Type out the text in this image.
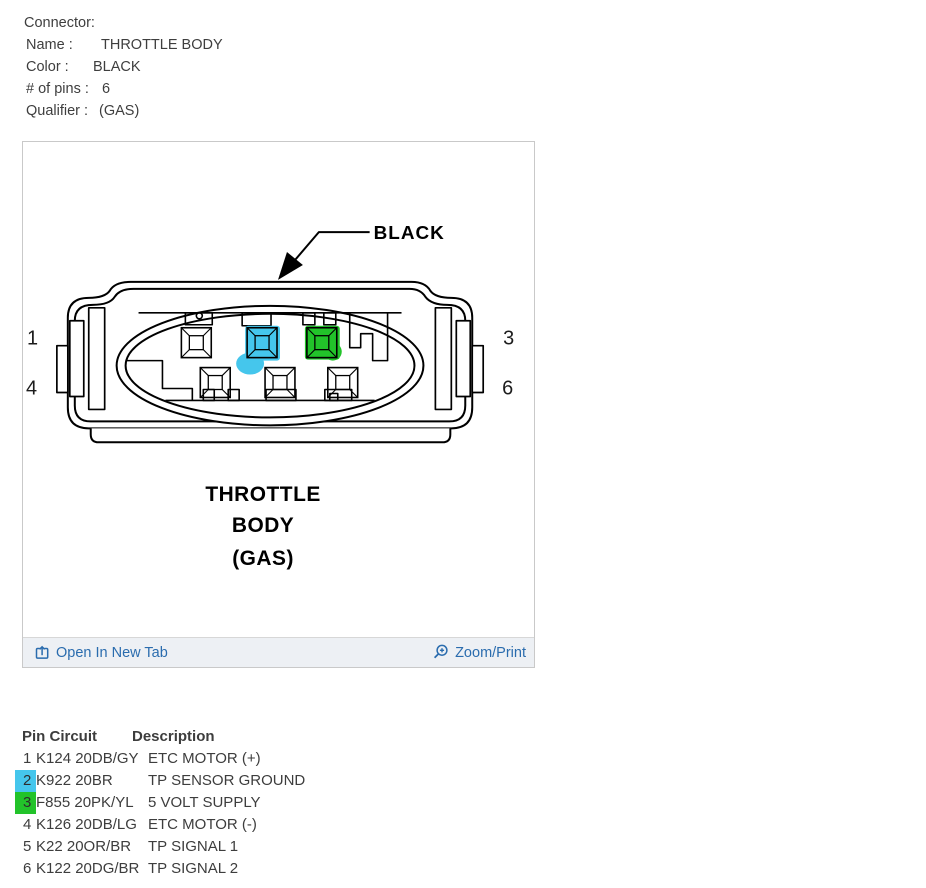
Connector:
Name : THROTTLE BODY
Color : BLACK
# of pins : 6
Qualifier : (GAS)
BLACK
1	3
4	6
THROTTLE
BODY
(GAS)
Open In New Tab	Zoom/Print
Pin Circuit Description
1 K124 20DB/GY ETC MOTOR (+)
2 K922 20BR TP SENSOR GROUND
3 F855 20PK/YL 5 VOLT SUPPLY
4 K126 20DB/LG ETC MOTOR (-)
5 K22 20OR/BR TP SIGNAL 1
6 K122 20DG/BR TP SIGNAL 2
